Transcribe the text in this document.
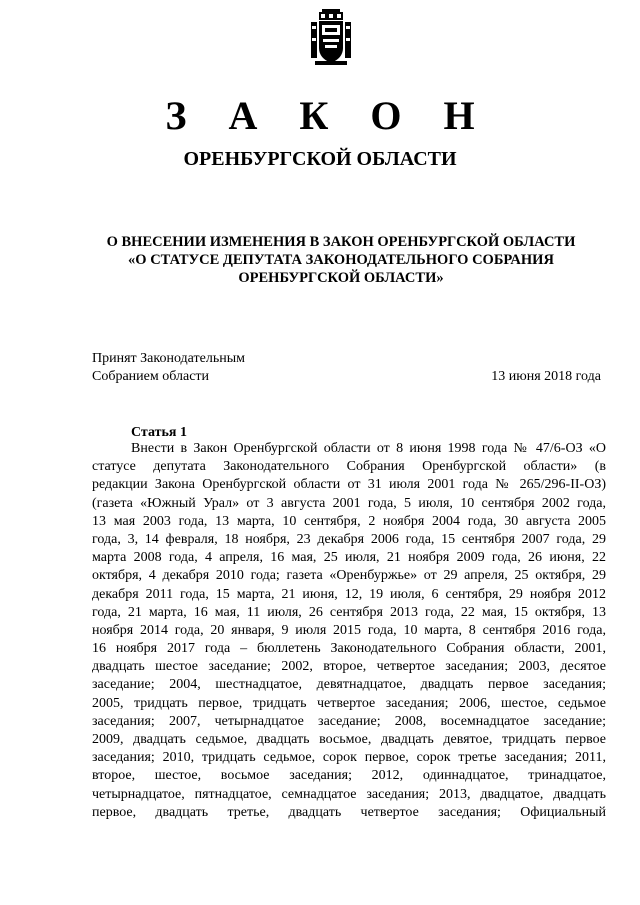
З А К О Н
ОРЕНБУРГСКОЙ ОБЛАСТИ
О ВНЕСЕНИИ ИЗМЕНЕНИЯ В ЗАКОН ОРЕНБУРГСКОЙ ОБЛАСТИ
«О СТАТУСЕ ДЕПУТАТА ЗАКОНОДАТЕЛЬНОГО СОБРАНИЯ
ОРЕНБУРГСКОЙ ОБЛАСТИ»
Принят Законодательным
Собранием области	13 июня 2018 года
Статья 1
Внести в Закон Оренбургской области от 8 июня 1998 года № 47/6-ОЗ «О
статусе депутата Законодательного Собрания Оренбургской области» (в
редакции Закона Оренбургской области от 31 июля 2001 года № 265/296-II-ОЗ)
(газета «Южный Урал» от 3 августа 2001 года, 5 июля, 10 сентября 2002 года,
13 мая 2003 года, 13 марта, 10 сентября, 2 ноября 2004 года, 30 августа 2005
года, 3, 14 февраля, 18 ноября, 23 декабря 2006 года, 15 сентября 2007 года, 29
марта 2008 года, 4 апреля, 16 мая, 25 июля, 21 ноября 2009 года, 26 июня, 22
октября, 4 декабря 2010 года; газета «Оренбуржье» от 29 апреля, 25 октября, 29
декабря 2011 года, 15 марта, 21 июня, 12, 19 июля, 6 сентября, 29 ноября 2012
года, 21 марта, 16 мая, 11 июля, 26 сентября 2013 года, 22 мая, 15 октября, 13
ноября 2014 года, 20 января, 9 июля 2015 года, 10 марта, 8 сентября 2016 года,
16 ноября 2017 года – бюллетень Законодательного Собрания области, 2001,
двадцать шестое заседание; 2002, второе, четвертое заседания; 2003, десятое
заседание; 2004, шестнадцатое, девятнадцатое, двадцать первое заседания;
2005, тридцать первое, тридцать четвертое заседания; 2006, шестое, седьмое
заседания; 2007, четырнадцатое заседание; 2008, восемнадцатое заседание;
2009, двадцать седьмое, двадцать восьмое, двадцать девятое, тридцать первое
заседания; 2010, тридцать седьмое, сорок первое, сорок третье заседания; 2011,
второе, шестое, восьмое заседания; 2012, одиннадцатое, тринадцатое,
четырнадцатое, пятнадцатое, семнадцатое заседания; 2013, двадцатое, двадцать
первое, двадцать третье, двадцать четвертое заседания; Официальный
